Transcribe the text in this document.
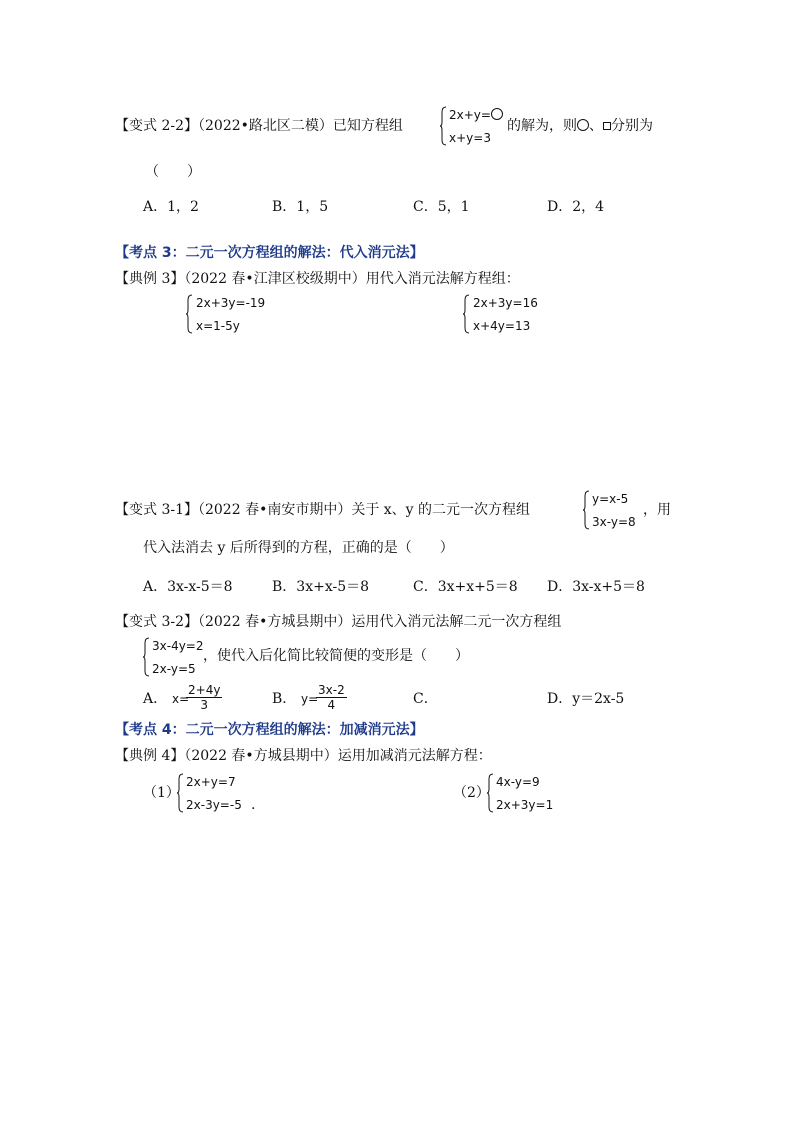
【变式 2-2】（2022•路北区二模）已知方程组
2x+y=
x+y=3
的解为，则 、 分别为
（　　）
A．1，2	B．1，5	C．5，1	D．2，4
【考点 3：二元一次方程组的解法：代入消元法】
【典例 3】（2022 春•江津区校级期中）用代入消元法解方程组：
2x+3y=-19
x=1-5y
2x+3y=16
x+4y=13
【变式 3-1】（2022 春•南安市期中）关于 x、y 的二元一次方程组
y=x-5
3x-y=8
，用
代入法消去 y 后所得到的方程，正确的是（　　）
A．3x-x-5＝8	B．3x+x-5＝8	C．3x+x+5＝8 D．3x-x+5＝8
【变式 3-2】（2022 春•方城县期中）运用代入消元法解二元一次方程组
3x-4y=2
2x-y=5
，使代入后化简比较简便的变形是（　　）
A． x=
$\frac{2+4y}{3}$	B． y=
$\frac{3x-2}{4}$	C．	D．y＝2x-5
【考点 4：二元一次方程组的解法：加减消元法】
【典例 4】（2022 春•方城县期中）运用加减消元法解方程：
（1）
2x+y=7
2x-3y=-5 .
（2）
4x-y=9
2x+3y=1
